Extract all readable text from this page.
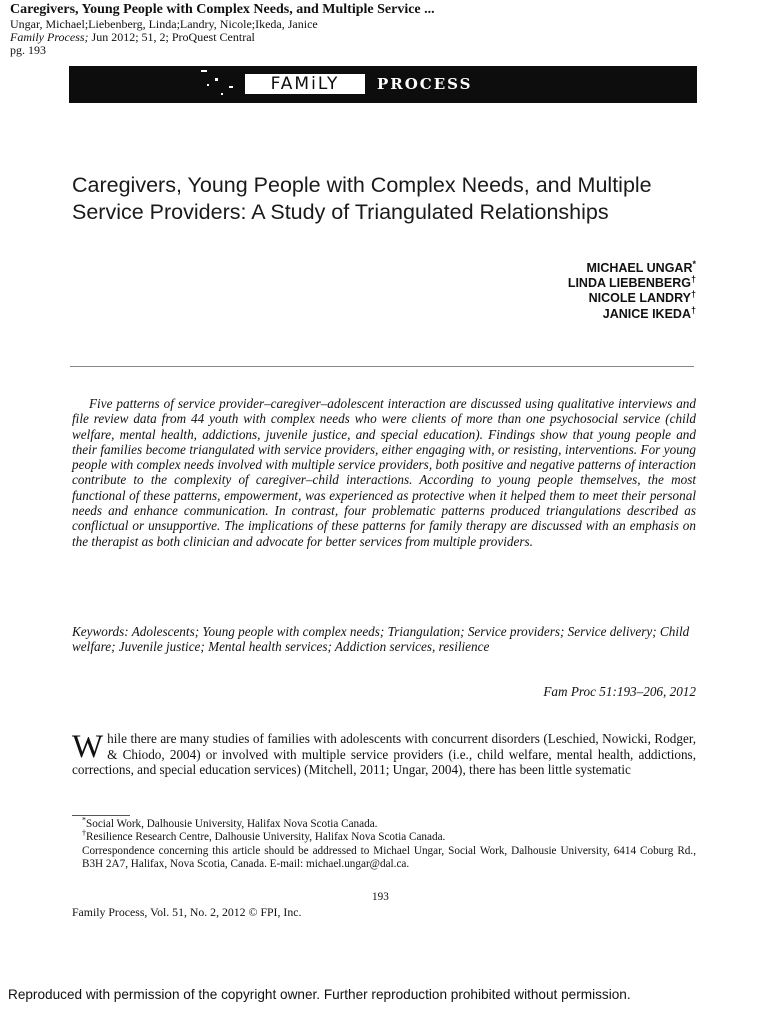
Caregivers, Young People with Complex Needs, and Multiple Service ...
Ungar, Michael;Liebenberg, Linda;Landry, Nicole;Ikeda, Janice
Family Process; Jun 2012; 51, 2; ProQuest Central
pg. 193
FAMiLY	PROCESS
Caregivers, Young People with Complex Needs, and Multiple Service Providers: A Study of Triangulated Relationships
MICHAEL UNGAR*
LINDA LIEBENBERG†
NICOLE LANDRY†
JANICE IKEDA†

Five patterns of service provider–caregiver–adolescent interaction are discussed using qualitative interviews and file review data from 44 youth with complex needs who were clients of more than one psychosocial service (child welfare, mental health, addictions, juvenile justice, and special education). Findings show that young people and their families become triangulated with service providers, either engaging with, or resisting, interventions. For young people with complex needs involved with multiple service providers, both positive and negative patterns of interaction contribute to the complexity of caregiver–child interactions. According to young people themselves, the most functional of these patterns, empowerment, was experienced as protective when it helped them to meet their personal needs and enhance communication. In contrast, four problematic patterns produced triangulations described as conflictual or unsupportive. The implications of these patterns for family therapy are discussed with an emphasis on the therapist as both clinician and advocate for better services from multiple providers.

Keywords: Adolescents; Young people with complex needs; Triangulation; Service providers; Service delivery; Child welfare; Juvenile justice; Mental health services; Addiction services, resilience
Fam Proc 51:193–206, 2012
While there are many studies of families with adolescents with concurrent disorders (Leschied, Nowicki, Rodger, & Chiodo, 2004) or involved with multiple service providers (i.e., child welfare, mental health, addictions, corrections, and special education services) (Mitchell, 2011; Ungar, 2004), there has been little systematic

*Social Work, Dalhousie University, Halifax Nova Scotia Canada.

†Resilience Research Centre, Dalhousie University, Halifax Nova Scotia Canada.

Correspondence concerning this article should be addressed to Michael Ungar, Social Work, Dalhousie University, 6414 Coburg Rd., B3H 2A7, Halifax, Nova Scotia, Canada. E-mail: michael.ungar@dal.ca.

193
Family Process, Vol. 51, No. 2, 2012 © FPI, Inc.
Reproduced with permission of the copyright owner. Further reproduction prohibited without permission.
